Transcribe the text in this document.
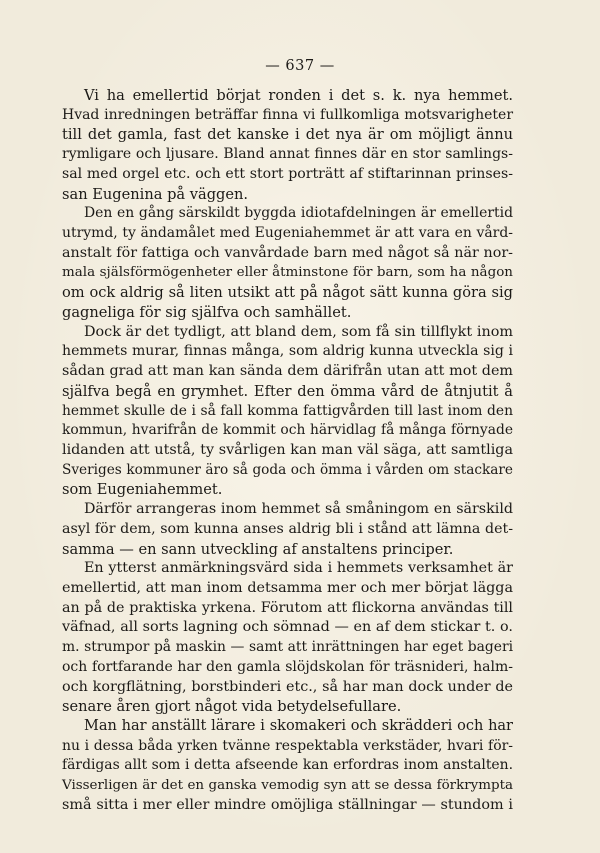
— 637 —

Vi ha emellertid börjat ronden i det s. k. nya hemmet.
Hvad inredningen beträffar finna vi fullkomliga motsvarigheter
till det gamla, fast det kanske i det nya är om möjligt ännu
rymligare och ljusare. Bland annat finnes där en stor samlings-
sal med orgel etc. och ett stort porträtt af stiftarinnan prinses-
san Eugenina på väggen.

Den en gång särskildt byggda idiotafdelningen är emellertid
utrymd, ty ändamålet med Eugeniahemmet är att vara en vård-
anstalt för fattiga och vanvårdade barn med något så när nor-
mala själsförmögenheter eller åtminstone för barn, som ha någon
om ock aldrig så liten utsikt att på något sätt kunna göra sig
gagneliga för sig själfva och samhället.

Dock är det tydligt, att bland dem, som få sin tillflykt inom
hemmets murar, finnas många, som aldrig kunna utveckla sig i
sådan grad att man kan sända dem därifrån utan att mot dem
själfva begå en grymhet. Efter den ömma vård de åtnjutit å
hemmet skulle de i så fall komma fattigvården till last inom den
kommun, hvarifrån de kommit och härvidlag få många förnyade
lidanden att utstå, ty svårligen kan man väl säga, att samtliga
Sveriges kommuner äro så goda och ömma i vården om stackare
som Eugeniahemmet.

Därför arrangeras inom hemmet så småningom en särskild
asyl för dem, som kunna anses aldrig bli i stånd att lämna det-
samma — en sann utveckling af anstaltens principer.

En ytterst anmärkningsvärd sida i hemmets verksamhet är
emellertid, att man inom detsamma mer och mer börjat lägga
an på de praktiska yrkena. Förutom att flickorna användas till
väfnad, all sorts lagning och sömnad — en af dem stickar t. o.
m. strumpor på maskin — samt att inrättningen har eget bageri
och fortfarande har den gamla slöjdskolan för träsnideri, halm-
och korgflätning, borstbinderi etc., så har man dock under de
senare åren gjort något vida betydelsefullare.

Man har anställt lärare i skomakeri och skrädderi och har
nu i dessa båda yrken tvänne respektabla verkstäder, hvari för-
färdigas allt som i detta afseende kan erfordras inom anstalten.
Visserligen är det en ganska vemodig syn att se dessa förkrympta
små sitta i mer eller mindre omöjliga ställningar — stundom i
